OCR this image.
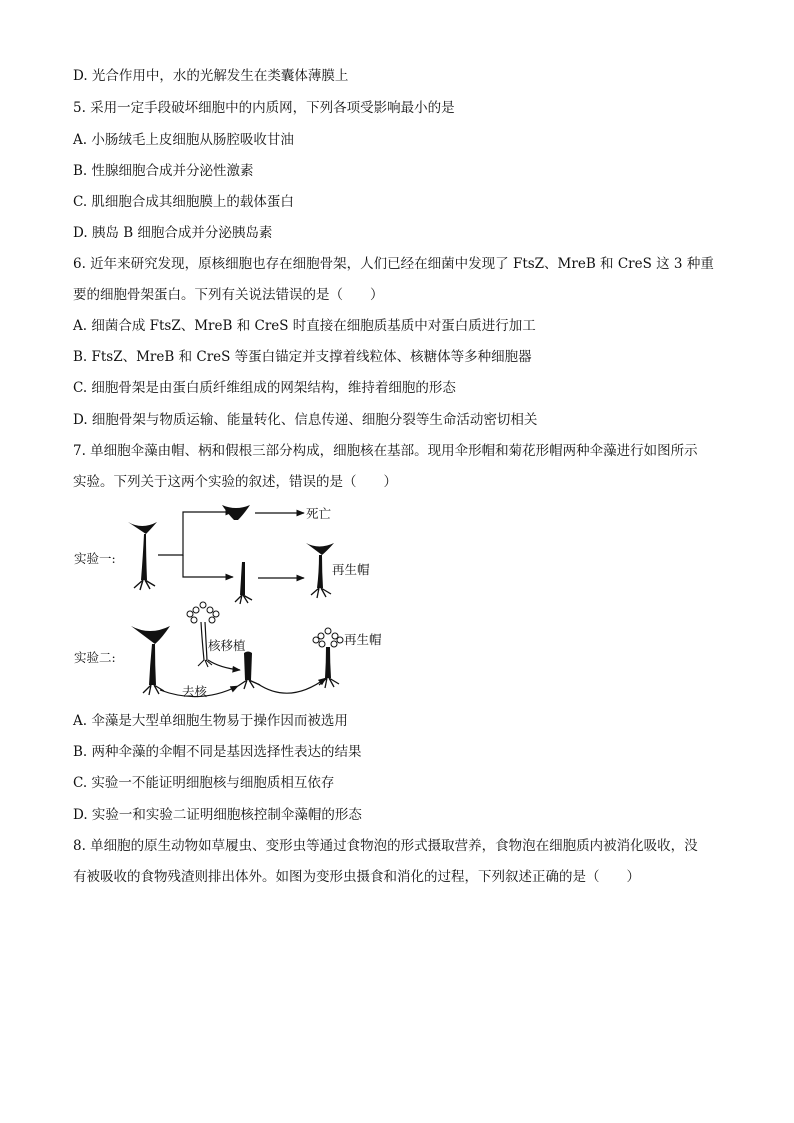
D. 光合作用中，水的光解发生在类囊体薄膜上
5. 采用一定手段破坏细胞中的内质网，下列各项受影响最小的是
A. 小肠绒毛上皮细胞从肠腔吸收甘油
B. 性腺细胞合成并分泌性激素
C. 肌细胞合成其细胞膜上的载体蛋白
D. 胰岛 B 细胞合成并分泌胰岛素
6. 近年来研究发现，原核细胞也存在细胞骨架，人们已经在细菌中发现了 FtsZ、MreB 和 CreS 这 3 种重
要的细胞骨架蛋白。下列有关说法错误的是（　　）
A. 细菌合成 FtsZ、MreB 和 CreS 时直接在细胞质基质中对蛋白质进行加工
B. FtsZ、MreB 和 CreS 等蛋白锚定并支撑着线粒体、核糖体等多种细胞器
C. 细胞骨架是由蛋白质纤维组成的网架结构，维持着细胞的形态
D. 细胞骨架与物质运输、能量转化、信息传递、细胞分裂等生命活动密切相关
7. 单细胞伞藻由帽、柄和假根三部分构成，细胞核在基部。现用伞形帽和菊花形帽两种伞藻进行如图所示
实验。下列关于这两个实验的叙述，错误的是（　　）
实验一:
死亡
再生帽
实验二:
核移植
去核
再生帽
A. 伞藻是大型单细胞生物易于操作因而被选用
B. 两种伞藻的伞帽不同是基因选择性表达的结果
C. 实验一不能证明细胞核与细胞质相互依存
D. 实验一和实验二证明细胞核控制伞藻帽的形态
8. 单细胞的原生动物如草履虫、变形虫等通过食物泡的形式摄取营养，食物泡在细胞质内被消化吸收，没
有被吸收的食物残渣则排出体外。如图为变形虫摄食和消化的过程，下列叙述正确的是（　　）
